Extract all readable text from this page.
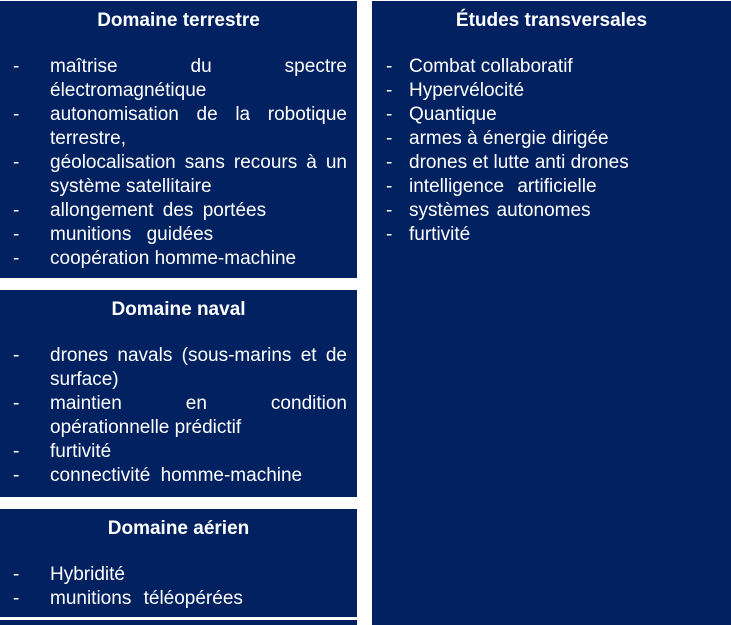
Domaine terrestre
- maîtrise du spectre électromagnétique
- autonomisation de la robotique terrestre,
- géolocalisation sans recours à un système satellitaire
- allongement des portées
- munitions guidées
- coopération homme-machine
Domaine naval
- drones navals (sous-marins et de surface)
- maintien en condition opérationnelle prédictif
- furtivité
- connectivité homme-machine
Domaine aérien
- Hybridité
- munitions téléopérées
Études transversales
- Combat collaboratif
- Hypervélocité
- Quantique
- armes à énergie dirigée
- drones et lutte anti drones
- intelligence artificielle
- systèmes autonomes
- furtivité
